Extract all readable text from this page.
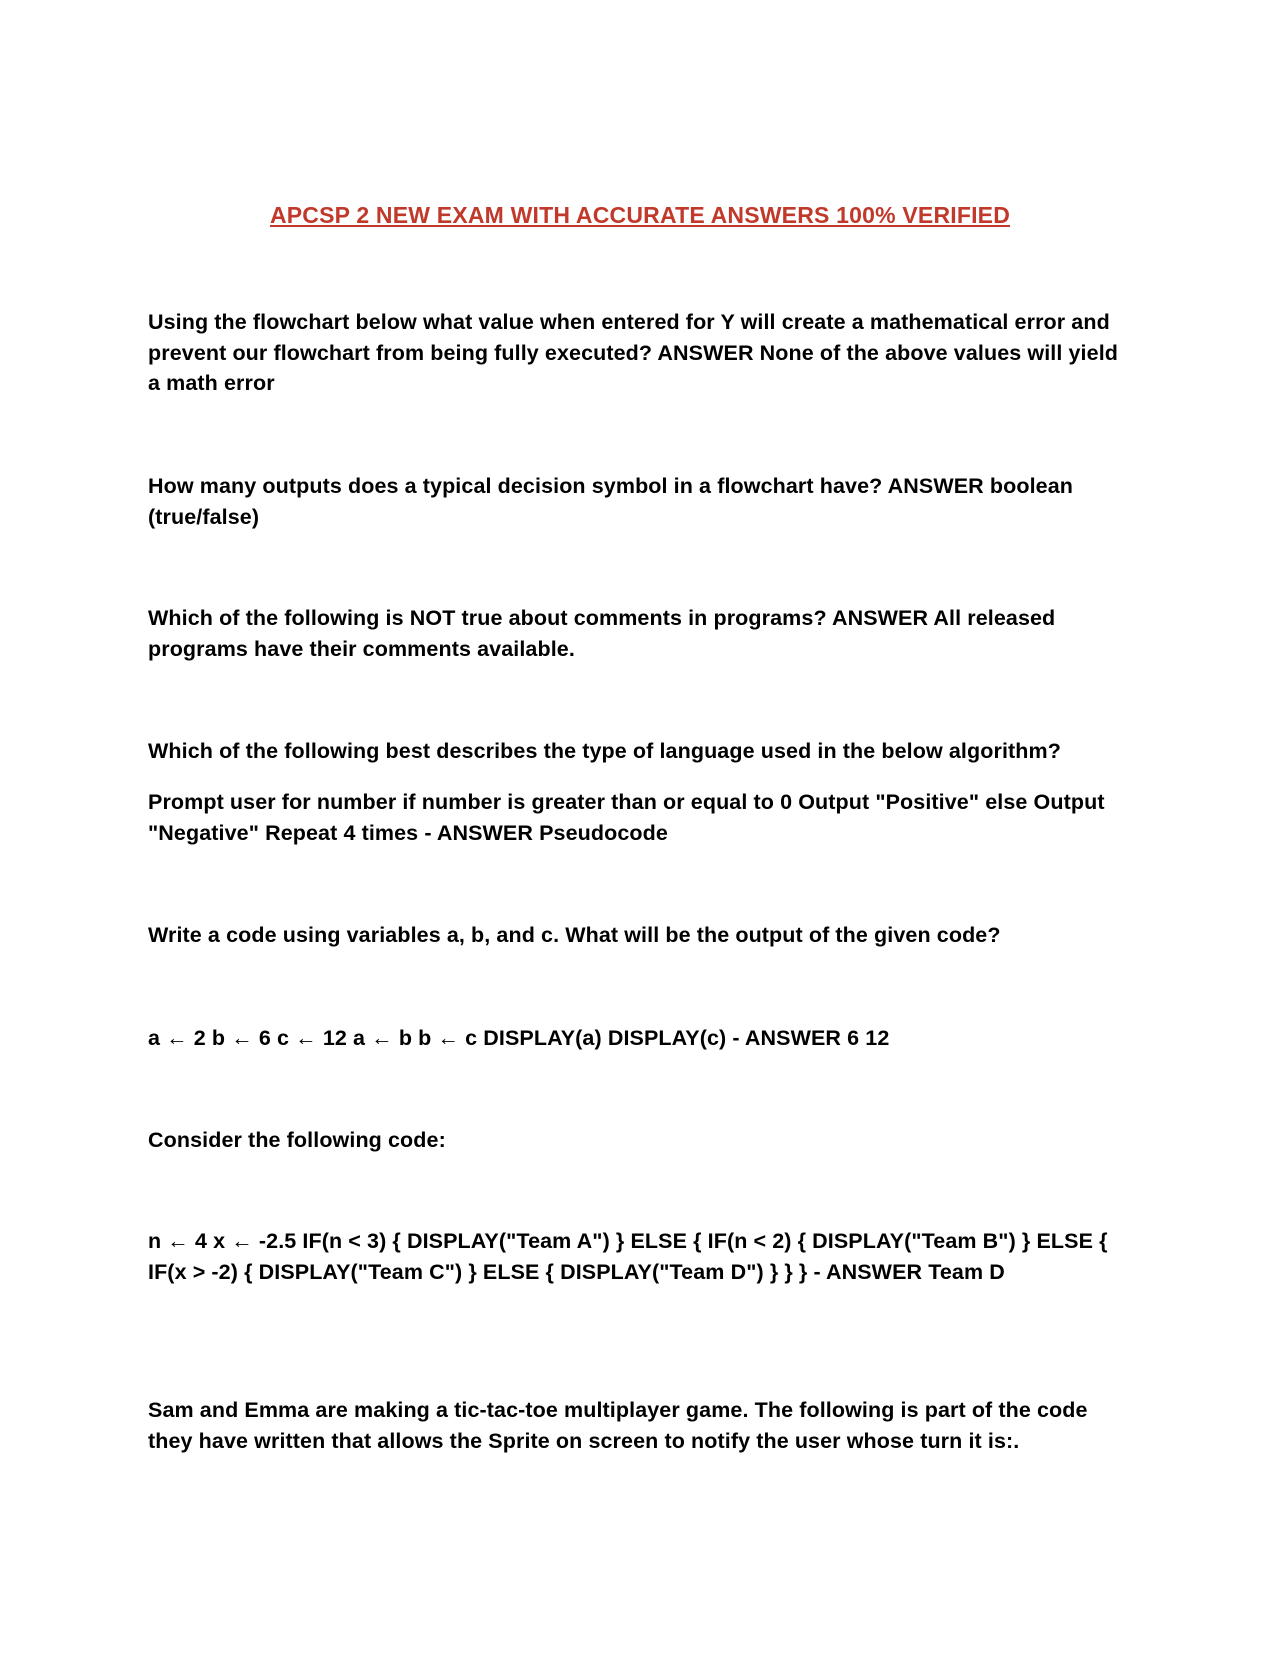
APCSP 2 NEW EXAM WITH ACCURATE ANSWERS 100% VERIFIED

Using the flowchart below what value when entered for Y will create a mathematical error and prevent our flowchart from being fully executed? ANSWER None of the above values will yield a math error

How many outputs does a typical decision symbol in a flowchart have? ANSWER boolean (true/false)

Which of the following is NOT true about comments in programs? ANSWER All released programs have their comments available.

Which of the following best describes the type of language used in the below algorithm?

Prompt user for number if number is greater than or equal to 0 Output "Positive" else Output "Negative" Repeat 4 times - ANSWER Pseudocode

Write a code using variables a, b, and c. What will be the output of the given code?

a ← 2 b ← 6 c ← 12 a ← b b ← c DISPLAY(a) DISPLAY(c) - ANSWER 6 12

Consider the following code:

n ← 4 x ← -2.5 IF(n < 3) { DISPLAY("Team A") } ELSE { IF(n < 2) { DISPLAY("Team B") } ELSE { IF(x > -2) { DISPLAY("Team C") } ELSE { DISPLAY("Team D") } } } - ANSWER Team D

Sam and Emma are making a tic-tac-toe multiplayer game. The following is part of the code they have written that allows the Sprite on screen to notify the user whose turn it is:.
